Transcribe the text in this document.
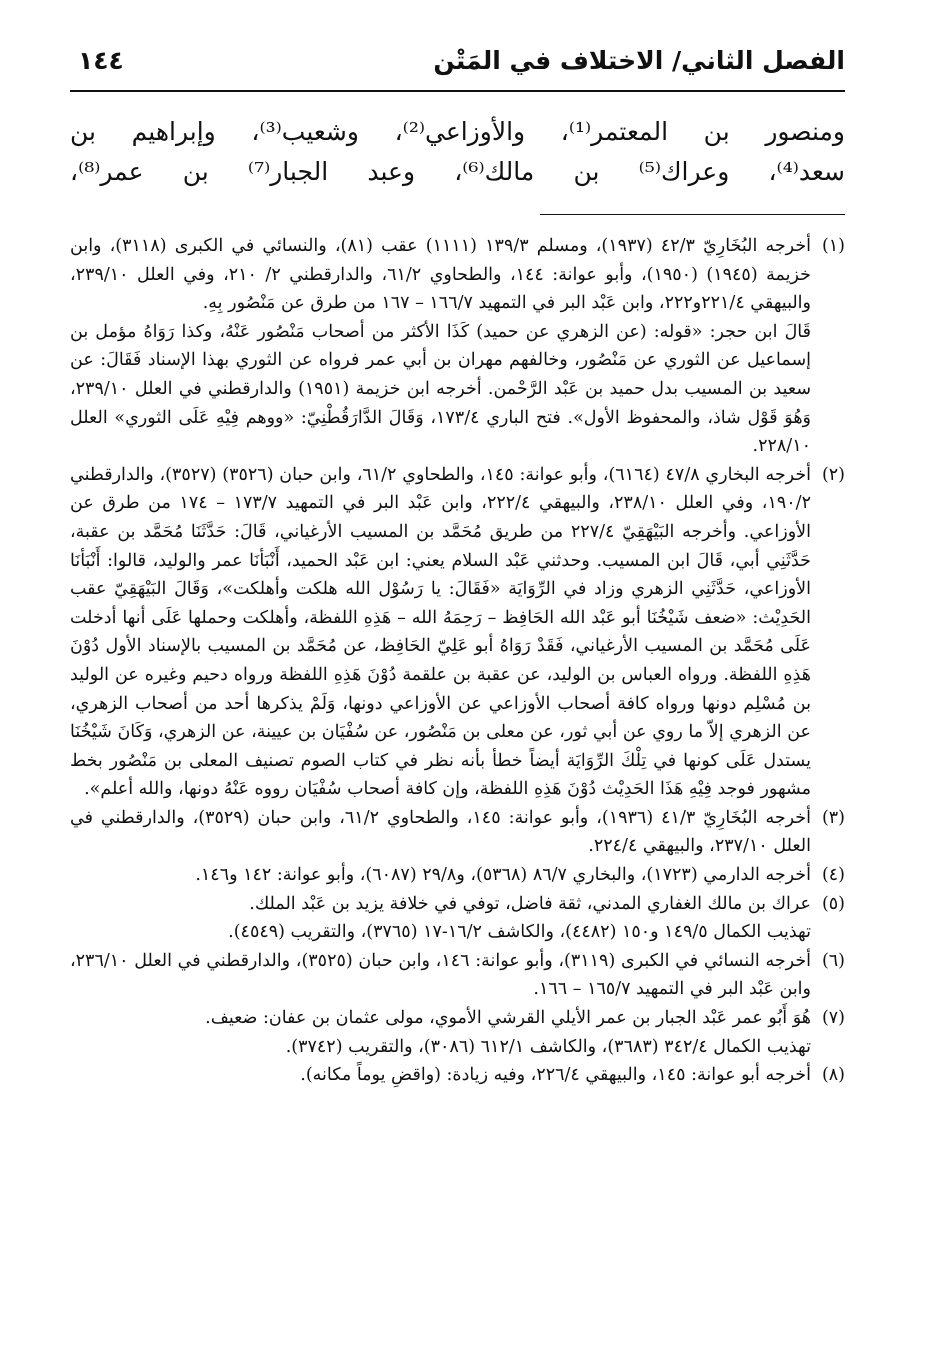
الفصل الثاني/ الاختلاف في المَتْن
١٤٤

ومنصور بن المعتمر⁽¹⁾، والأوزاعي⁽²⁾، وشعيب⁽³⁾، وإبراهيم بن

سعد⁽⁴⁾، وعراك⁽⁵⁾ بن مالك⁽⁶⁾، وعبد الجبار⁽⁷⁾ بن عمر⁽⁸⁾،

(١)
أخرجه البُخَارِيّ ٤٢/٣ (١٩٣٧)، ومسلم ١٣٩/٣ (١١١١) عقب (٨١)، والنسائي في الكبرى (٣١١٨)، وابن خزيمة (١٩٤٥) (١٩٥٠)، وأبو عوانة: ١٤٤، والطحاوي ٦١/٢، والدارقطني ٢/ ٢١٠، وفي العلل ٢٣٩/١٠، والبيهقي ٢٢١/٤و٢٢٢، وابن عَبْد البر في التمهيد ١٦٦/٧ – ١٦٧ من طرق عن مَنْصُور بِهِ.
قَالَ ابن حجر: «قوله: (عن الزهري عن حميد) كَذَا الأكثر من أصحاب مَنْصُور عَنْهُ، وكذا رَوَاهُ مؤمل بن إسماعيل عن الثوري عن مَنْصُور، وخالفهم مهران بن أبي عمر فرواه عن الثوري بهذا الإسناد فَقَالَ: عن سعيد بن المسيب بدل حميد بن عَبْد الرَّحْمن. أخرجه ابن خزيمة (١٩٥١) والدارقطني في العلل ٢٣٩/١٠، وَهُوَ قَوْل شاذ، والمحفوظ الأول». فتح الباري ١٧٣/٤، وَقَالَ الدَّارَقُطْنِيّ: «ووهم فِيْهِ عَلَى الثوري» العلل ٢٢٨/١٠.
(٢)
أخرجه البخاري ٤٧/٨ (٦١٦٤)، وأبو عوانة: ١٤٥، والطحاوي ٦١/٢، وابن حبان (٣٥٢٦) (٣٥٢٧)، والدارقطني ١٩٠/٢، وفي العلل ٢٣٨/١٠، والبيهقي ٢٢٢/٤، وابن عَبْد البر في التمهيد ١٧٣/٧ – ١٧٤ من طرق عن الأوزاعي. وأخرجه البَيْهَقِيّ ٢٢٧/٤ من طريق مُحَمَّد بن المسيب الأرغياني، قَالَ: حَدَّثَنَا مُحَمَّد بن عقبة، حَدَّثَنِي أبي، قَالَ ابن المسيب. وحدثني عَبْد السلام يعني: ابن عَبْد الحميد، أَنْبَأنَا عمر والوليد، قالوا: أَنْبَأنَا الأوزاعي، حَدَّثَنِي الزهري وزاد في الرِّوَايَة «فَقَالَ: يا رَسُوْل الله هلكت وأهلكت»، وَقَالَ البَيْهَقِيّ عقب الحَدِيْث: «ضعف شَيْخُنَا أبو عَبْد الله الحَافِظ – رَحِمَهُ الله – هَذِهِ اللفظة، وأهلكت وحملها عَلَى أنها أدخلت عَلَى مُحَمَّد بن المسيب الأرغياني، فَقَدْ رَوَاهُ أبو عَلِيّ الحَافِظ، عن مُحَمَّد بن المسيب بالإسناد الأول دُوْنَ هَذِهِ اللفظة. ورواه العباس بن الوليد، عن عقبة بن علقمة دُوْنَ هَذِهِ اللفظة ورواه دحيم وغيره عن الوليد بن مُسْلِم دونها ورواه كافة أصحاب الأوزاعي عن الأوزاعي دونها، وَلَمْ يذكرها أحد من أصحاب الزهري، عن الزهري إلاّ ما روي عن أبي ثور، عن معلى بن مَنْصُور، عن سُفْيَان بن عيينة، عن الزهري، وَكَانَ شَيْخُنَا يستدل عَلَى كونها في تِلْكَ الرِّوَايَة أيضاً خطأ بأنه نظر في كتاب الصوم تصنيف المعلى بن مَنْصُور بخط مشهور فوجد فِيْهِ هَذَا الحَدِيْث دُوْنَ هَذِهِ اللفظة، وإن كافة أصحاب سُفْيَان رووه عَنْهُ دونها، والله أعلم».
(٣)
أخرجه البُخَارِيّ ٤١/٣ (١٩٣٦)، وأبو عوانة: ١٤٥، والطحاوي ٦١/٢، وابن حبان (٣٥٢٩)، والدارقطني في العلل ٢٣٧/١٠، والبيهقي ٢٢٤/٤.
(٤)
أخرجه الدارمي (١٧٢٣)، والبخاري ٨٦/٧ (٥٣٦٨)، و٢٩/٨ (٦٠٨٧)، وأبو عوانة: ١٤٢ و١٤٦.
(٥)
عراك بن مالك الغفاري المدني، ثقة فاضل، توفي في خلافة يزيد بن عَبْد الملك.
تهذيب الكمال ١٤٩/٥ و١٥٠ (٤٤٨٢)، والكاشف ١٦/٢-١٧ (٣٧٦٥)، والتقريب (٤٥٤٩).
(٦)
أخرجه النسائي في الكبرى (٣١١٩)، وأبو عوانة: ١٤٦، وابن حبان (٣٥٢٥)، والدارقطني في العلل ٢٣٦/١٠، وابن عَبْد البر في التمهيد ١٦٥/٧ – ١٦٦.
(٧)
هُوَ أَبُو عمر عَبْد الجبار بن عمر الأيلي القرشي الأموي، مولى عثمان بن عفان: ضعيف.
تهذيب الكمال ٣٤٢/٤ (٣٦٨٣)، والكاشف ٦١٢/١ (٣٠٨٦)، والتقريب (٣٧٤٢).
(٨)
أخرجه أبو عوانة: ١٤٥، والبيهقي ٢٢٦/٤، وفيه زيادة: (واقضِ يوماً مكانه).
